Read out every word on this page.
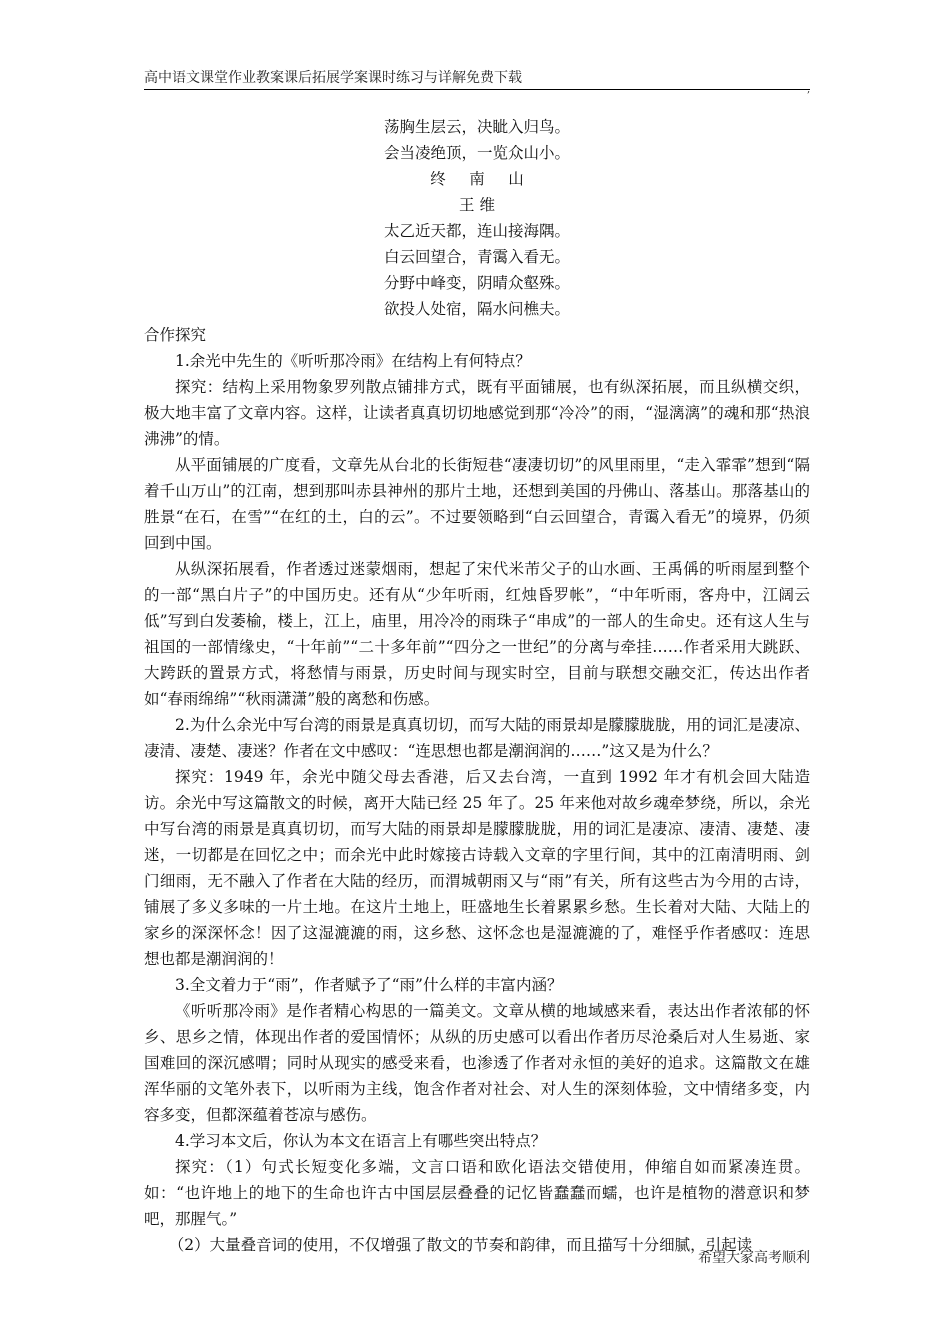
高中语文课堂作业教案课后拓展学案课时练习与详解免费下载
,

荡胸生层云，决眦入归鸟。

会当凌绝顶，一览众山小。

终 南 山

王 维

太乙近天都，连山接海隅。

白云回望合，青霭入看无。

分野中峰变，阴晴众壑殊。

欲投人处宿，隔水问樵夫。

合作探究

1.余光中先生的《听听那冷雨》在结构上有何特点？

探究：结构上采用物象罗列散点铺排方式，既有平面铺展，也有纵深拓展，而且纵横交织，极大地丰富了文章内容。这样，让读者真真切切地感觉到那“冷冷”的雨，“湿漓漓”的魂和那“热浪沸沸”的情。

从平面铺展的广度看，文章先从台北的长街短巷“凄凄切切”的风里雨里，“走入霏霏”想到“隔着千山万山”的江南，想到那叫赤县神州的那片土地，还想到美国的丹佛山、落基山。那落基山的胜景“在石，在雪”“在红的土，白的云”。不过要领略到“白云回望合，青霭入看无”的境界，仍须回到中国。

从纵深拓展看，作者透过迷蒙烟雨，想起了宋代米芾父子的山水画、王禹偁的听雨屋到整个的一部“黑白片子”的中国历史。还有从“少年听雨，红烛昏罗帐”，“中年听雨，客舟中，江阔云低”写到白发萎榆，楼上，江上，庙里，用冷冷的雨珠子“串成”的一部人的生命史。还有这人生与祖国的一部情缘史，“十年前”“二十多年前”“四分之一世纪”的分离与牵挂……作者采用大跳跃、大跨跃的置景方式，将愁情与雨景，历史时间与现实时空，目前与联想交融交汇，传达出作者如“春雨绵绵”“秋雨潇潇”般的离愁和伤感。

2.为什么余光中写台湾的雨景是真真切切，而写大陆的雨景却是朦朦胧胧，用的词汇是凄凉、凄清、凄楚、凄迷？作者在文中感叹：“连思想也都是潮润润的……”这又是为什么？

探究：1949 年，余光中随父母去香港，后又去台湾，一直到 1992 年才有机会回大陆造访。余光中写这篇散文的时候，离开大陆已经 25 年了。25 年来他对故乡魂牵梦绕，所以，余光中写台湾的雨景是真真切切，而写大陆的雨景却是朦朦胧胧，用的词汇是凄凉、凄清、凄楚、凄迷，一切都是在回忆之中；而余光中此时嫁接古诗载入文章的字里行间，其中的江南清明雨、剑门细雨，无不融入了作者在大陆的经历，而渭城朝雨又与“雨”有关，所有这些古为今用的古诗，铺展了多义多味的一片土地。在这片土地上，旺盛地生长着累累乡愁。生长着对大陆、大陆上的家乡的深深怀念！因了这湿漉漉的雨，这乡愁、这怀念也是湿漉漉的了，难怪乎作者感叹：连思想也都是潮润润的！

3.全文着力于“雨”，作者赋予了“雨”什么样的丰富内涵？

《听听那冷雨》是作者精心构思的一篇美文。文章从横的地域感来看，表达出作者浓郁的怀乡、思乡之情，体现出作者的爱国情怀；从纵的历史感可以看出作者历尽沧桑后对人生易逝、家国难回的深沉感喟；同时从现实的感受来看，也渗透了作者对永恒的美好的追求。这篇散文在雄浑华丽的文笔外表下，以听雨为主线，饱含作者对社会、对人生的深刻体验，文中情绪多变，内容多变，但都深蕴着苍凉与感伤。

4.学习本文后，你认为本文在语言上有哪些突出特点？

探究：（1）句式长短变化多端，文言口语和欧化语法交错使用，伸缩自如而紧凑连贯。如：“也许地上的地下的生命也许古中国层层叠叠的记忆皆蠢蠢而蠕，也许是植物的潜意识和梦吧，那腥气。”

（2）大量叠音词的使用，不仅增强了散文的节奏和韵律，而且描写十分细腻，引起读

希望大家高考顺利
